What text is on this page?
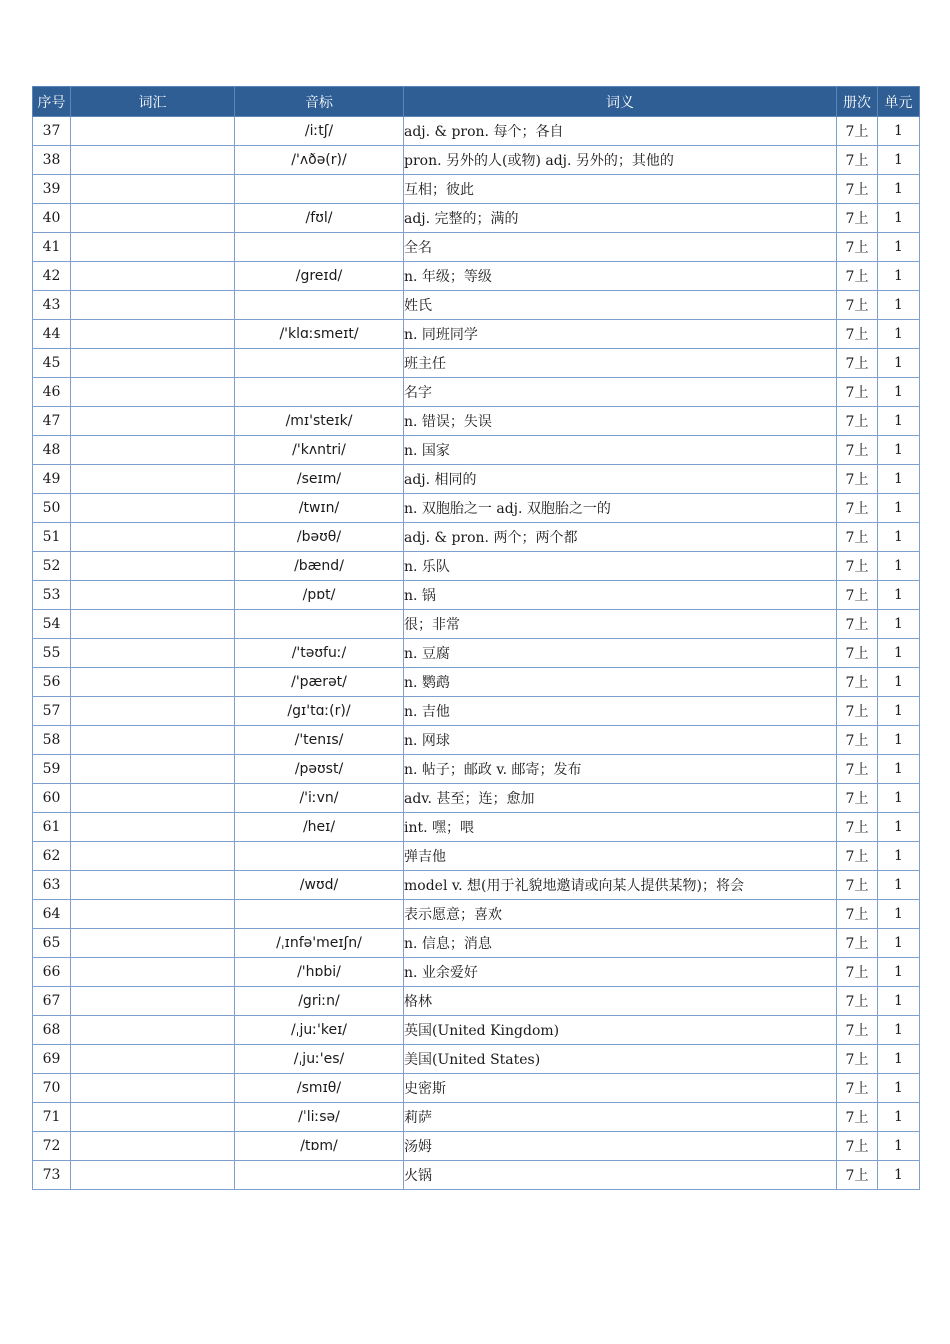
序号	词汇	音标	词义	册次	单元
37		/iːtʃ/	adj. & pron. 每个；各自	7上	1
38		/'ʌðə(r)/	pron. 另外的人(或物) adj. 另外的；其他的	7上	1
39			互相；彼此	7上	1
40		/fʊl/	adj. 完整的；满的	7上	1
41			全名	7上	1
42		/greɪd/	n. 年级；等级	7上	1
43			姓氏	7上	1
44		/'klɑːsmeɪt/	n. 同班同学	7上	1
45			班主任	7上	1
46			名字	7上	1
47		/mɪ'steɪk/	n. 错误；失误	7上	1
48		/'kʌntri/	n. 国家	7上	1
49		/seɪm/	adj. 相同的	7上	1
50		/twɪn/	n. 双胞胎之一 adj. 双胞胎之一的	7上	1
51		/bəʊθ/	adj. & pron. 两个；两个都	7上	1
52		/bænd/	n. 乐队	7上	1
53		/pɒt/	n. 锅	7上	1
54			很；非常	7上	1
55		/'təʊfuː/	n. 豆腐	7上	1
56		/'pærət/	n. 鹦鹉	7上	1
57		/gɪ'tɑː(r)/	n. 吉他	7上	1
58		/'tenɪs/	n. 网球	7上	1
59		/pəʊst/	n. 帖子；邮政 v. 邮寄；发布	7上	1
60		/'iːvn/	adv. 甚至；连；愈加	7上	1
61		/heɪ/	int. 嘿；喂	7上	1
62			弹吉他	7上	1
63		/wʊd/	model v. 想(用于礼貌地邀请或向某人提供某物)；将会	7上	1
64			表示愿意；喜欢	7上	1
65		/ˌɪnfə'meɪʃn/	n. 信息；消息	7上	1
66		/'hɒbi/	n. 业余爱好	7上	1
67		/griːn/	格林	7上	1
68		/ˌjuː'keɪ/	英国(United Kingdom)	7上	1
69		/ˌjuː'es/	美国(United States)	7上	1
70		/smɪθ/	史密斯	7上	1
71		/ˈliːsə/	莉萨	7上	1
72		/tɒm/	汤姆	7上	1
73			火锅	7上	1
